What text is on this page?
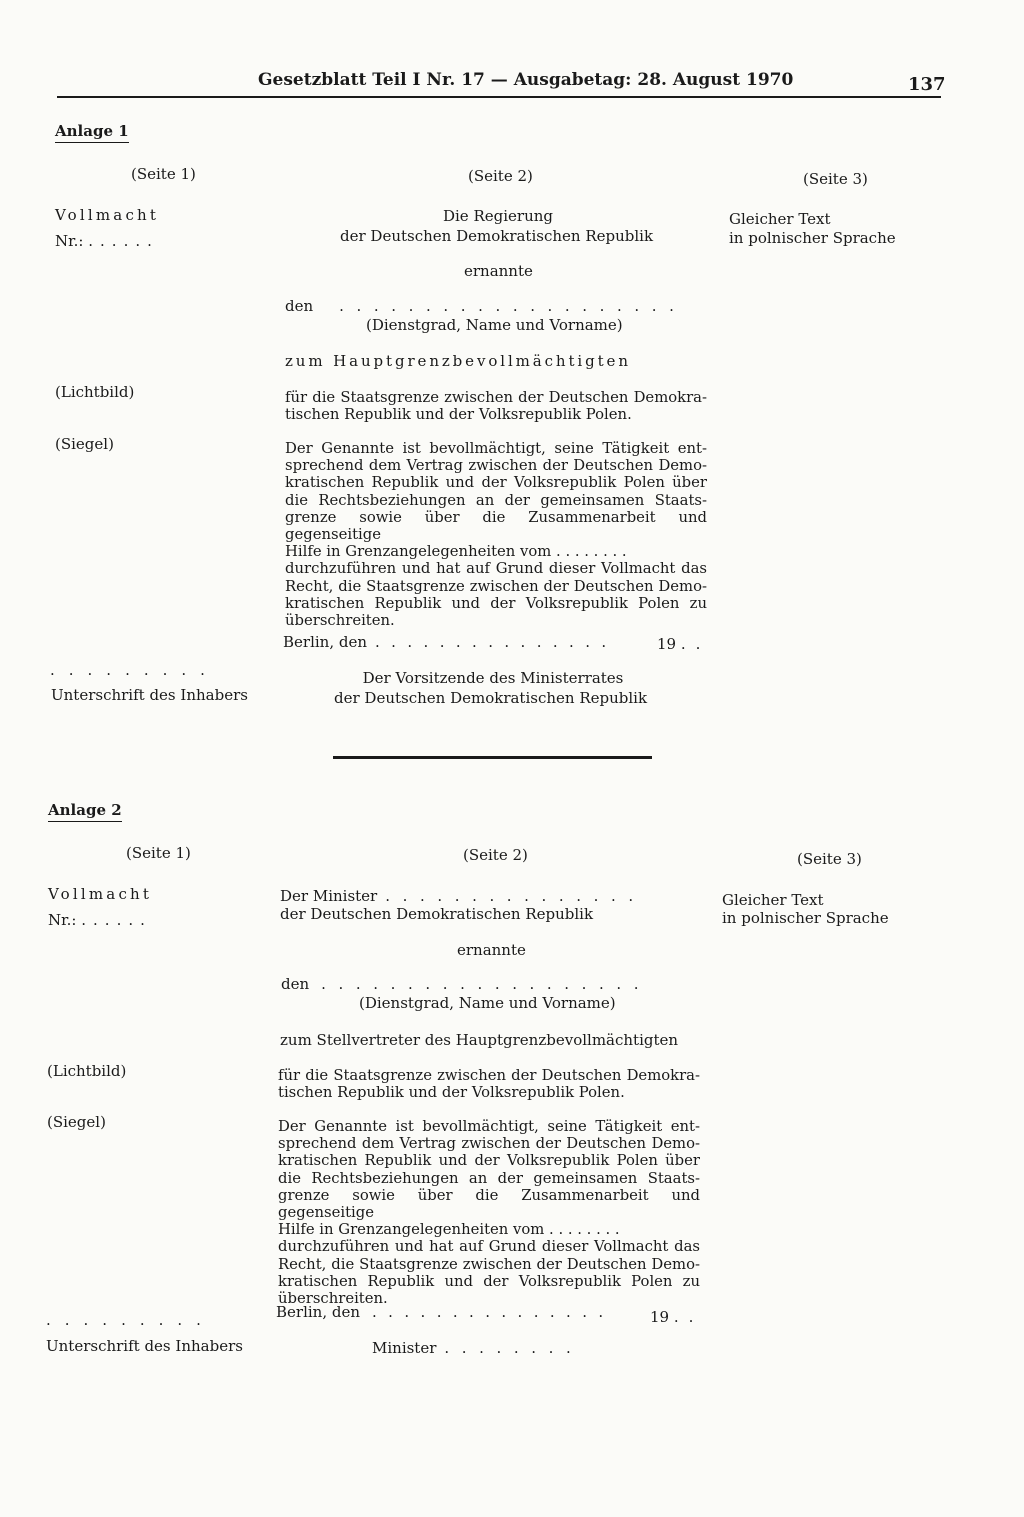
Gesetzblatt Teil I Nr. 17 — Ausgabetag: 28. August 1970	137
Anlage 1
(Seite 1)
Vollmacht
Nr.: ......
(Lichtbild)
(Siegel)
.........
Unterschrift des Inhabers
(Seite 2)
Die Regierung
der Deutschen Demokratischen Republik
ernannte
den ....................
(Dienstgrad, Name und Vorname)
zum Hauptgrenzbevollmächtigten
für die Staatsgrenze zwischen der Deutschen Demokra-
tischen Republik und der Volksrepublik Polen.
Der Genannte ist bevollmächtigt, seine Tätigkeit ent-
sprechend dem Vertrag zwischen der Deutschen Demo-
kratischen Republik und der Volksrepublik Polen über
die Rechtsbeziehungen an der gemeinsamen Staats-
grenze sowie über die Zusammenarbeit und gegenseitige
Hilfe in Grenzangelegenheiten vom . . . . . . . .
durchzuführen und hat auf Grund dieser Vollmacht das
Recht, die Staatsgrenze zwischen der Deutschen Demo-
kratischen Republik und der Volksrepublik Polen zu
überschreiten.
Berlin, den ...............	19 ..
Der Vorsitzende des Ministerrates
der Deutschen Demokratischen Republik
(Seite 3)
Gleicher Text
in polnischer Sprache
Anlage 2
(Seite 1)
Vollmacht
Nr.: ......
(Lichtbild)
(Siegel)
.........
Unterschrift des Inhabers
(Seite 2)
Der Minister ...............
der Deutschen Demokratischen Republik
ernannte
den ...................
(Dienstgrad, Name und Vorname)
zum Stellvertreter des Hauptgrenzbevollmächtigten
für die Staatsgrenze zwischen der Deutschen Demokra-
tischen Republik und der Volksrepublik Polen.
Der Genannte ist bevollmächtigt, seine Tätigkeit ent-
sprechend dem Vertrag zwischen der Deutschen Demo-
kratischen Republik und der Volksrepublik Polen über
die Rechtsbeziehungen an der gemeinsamen Staats-
grenze sowie über die Zusammenarbeit und gegenseitige
Hilfe in Grenzangelegenheiten vom . . . . . . . .
durchzuführen und hat auf Grund dieser Vollmacht das
Recht, die Staatsgrenze zwischen der Deutschen Demo-
kratischen Republik und der Volksrepublik Polen zu
überschreiten.
Berlin, den ............... 19 ..
Minister ........
(Seite 3)
Gleicher Text
in polnischer Sprache
